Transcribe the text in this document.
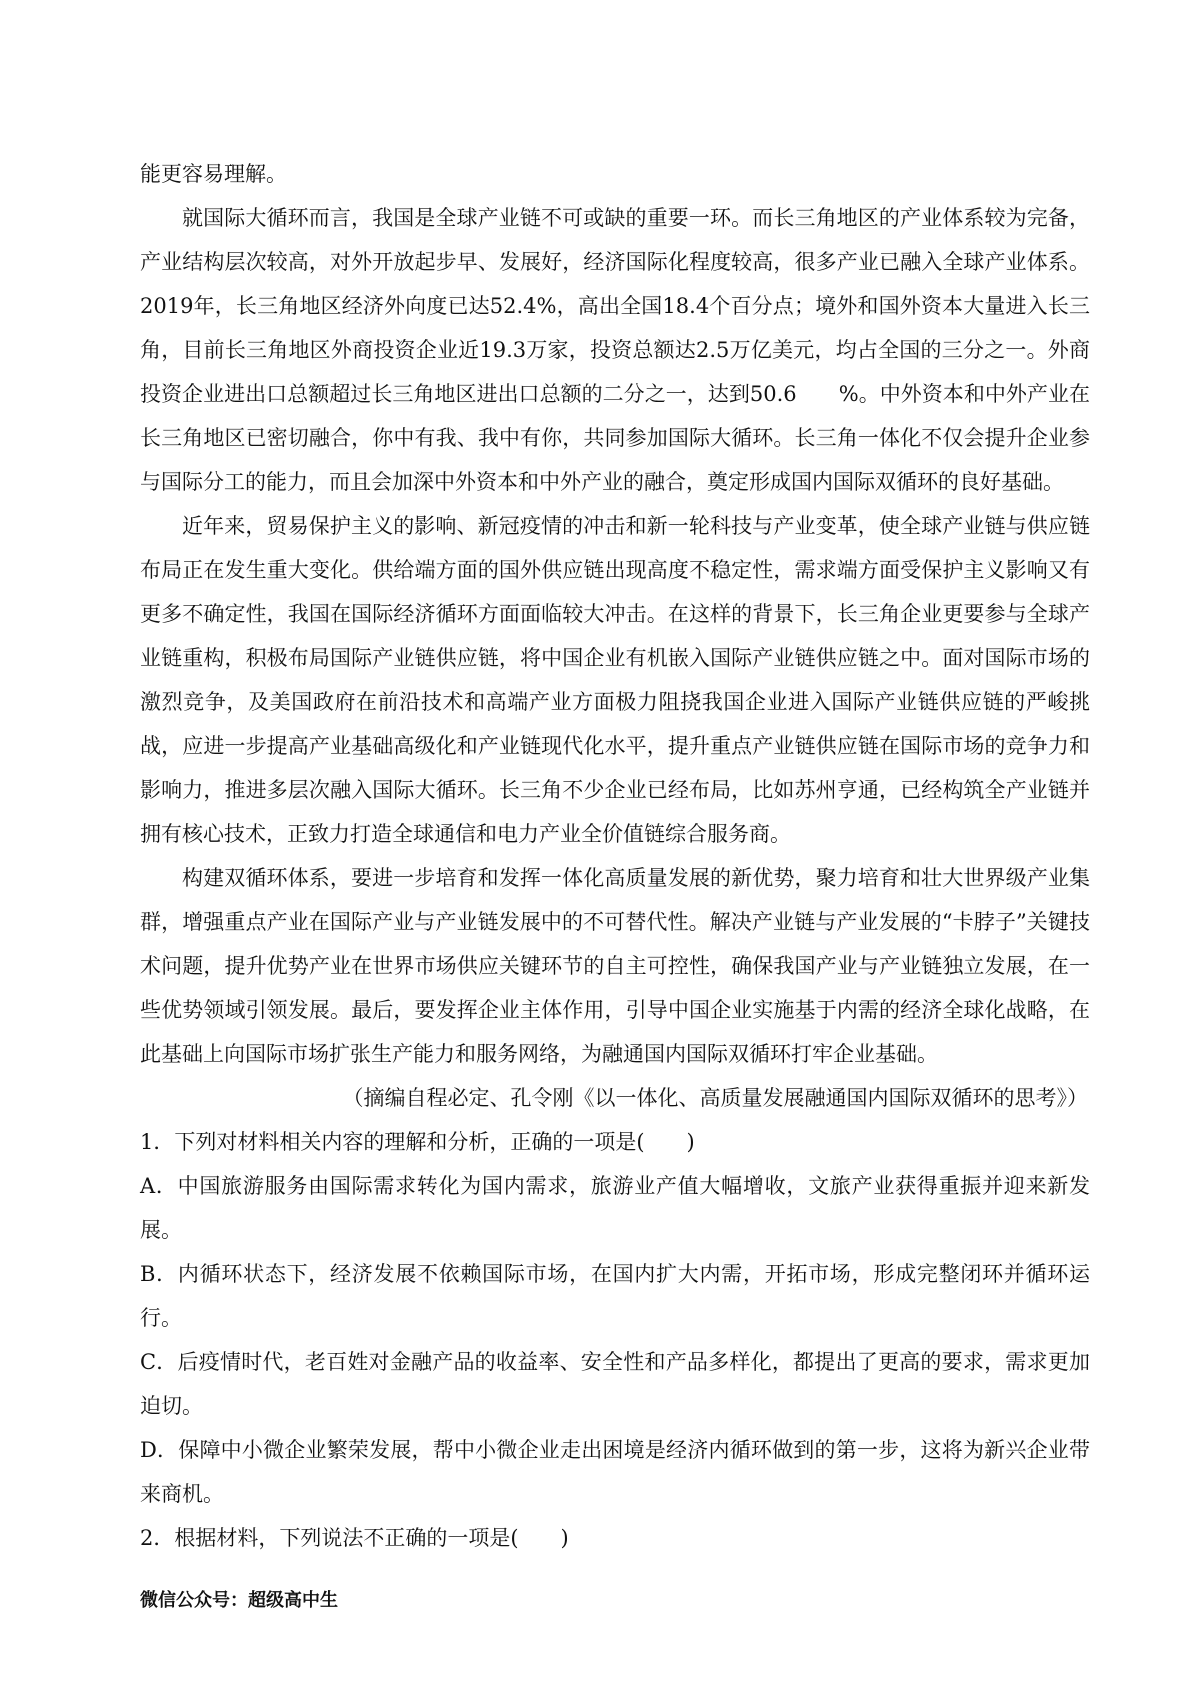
能更容易理解。

就国际大循环而言，我国是全球产业链不可或缺的重要一环。而长三角地区的产业体系较为完备，产业结构层次较高，对外开放起步早、发展好，经济国际化程度较高，很多产业已融入全球产业体系。2019年，长三角地区经济外向度已达52.4%，高出全国18.4个百分点；境外和国外资本大量进入长三角，目前长三角地区外商投资企业近19.3万家，投资总额达2.5万亿美元，均占全国的三分之一。外商投资企业进出口总额超过长三角地区进出口总额的二分之一，达到50.6　　%。中外资本和中外产业在长三角地区已密切融合，你中有我、我中有你，共同参加国际大循环。长三角一体化不仅会提升企业参与国际分工的能力，而且会加深中外资本和中外产业的融合，奠定形成国内国际双循环的良好基础。

近年来，贸易保护主义的影响、新冠疫情的冲击和新一轮科技与产业变革，使全球产业链与供应链布局正在发生重大变化。供给端方面的国外供应链出现高度不稳定性，需求端方面受保护主义影响又有更多不确定性，我国在国际经济循环方面面临较大冲击。在这样的背景下，长三角企业更要参与全球产业链重构，积极布局国际产业链供应链，将中国企业有机嵌入国际产业链供应链之中。面对国际市场的激烈竞争，及美国政府在前沿技术和高端产业方面极力阻挠我国企业进入国际产业链供应链的严峻挑战，应进一步提高产业基础高级化和产业链现代化水平，提升重点产业链供应链在国际市场的竞争力和影响力，推进多层次融入国际大循环。长三角不少企业已经布局，比如苏州亨通，已经构筑全产业链并拥有核心技术，正致力打造全球通信和电力产业全价值链综合服务商。

构建双循环体系，要进一步培育和发挥一体化高质量发展的新优势，聚力培育和壮大世界级产业集群，增强重点产业在国际产业与产业链发展中的不可替代性。解决产业链与产业发展的“卡脖子”关键技术问题，提升优势产业在世界市场供应关键环节的自主可控性，确保我国产业与产业链独立发展，在一些优势领域引领发展。最后，要发挥企业主体作用，引导中国企业实施基于内需的经济全球化战略，在此基础上向国际市场扩张生产能力和服务网络，为融通国内国际双循环打牢企业基础。

（摘编自程必定、孔令刚《以一体化、高质量发展融通国内国际双循环的思考》）

1．下列对材料相关内容的理解和分析，正确的一项是(　　)

A．中国旅游服务由国际需求转化为国内需求，旅游业产值大幅增收，文旅产业获得重振并迎来新发展。

B．内循环状态下，经济发展不依赖国际市场，在国内扩大内需，开拓市场，形成完整闭环并循环运行。

C．后疫情时代，老百姓对金融产品的收益率、安全性和产品多样化，都提出了更高的要求，需求更加迫切。

D．保障中小微企业繁荣发展，帮中小微企业走出困境是经济内循环做到的第一步，这将为新兴企业带来商机。

2．根据材料，下列说法不正确的一项是(　　)

微信公众号：超级高中生
